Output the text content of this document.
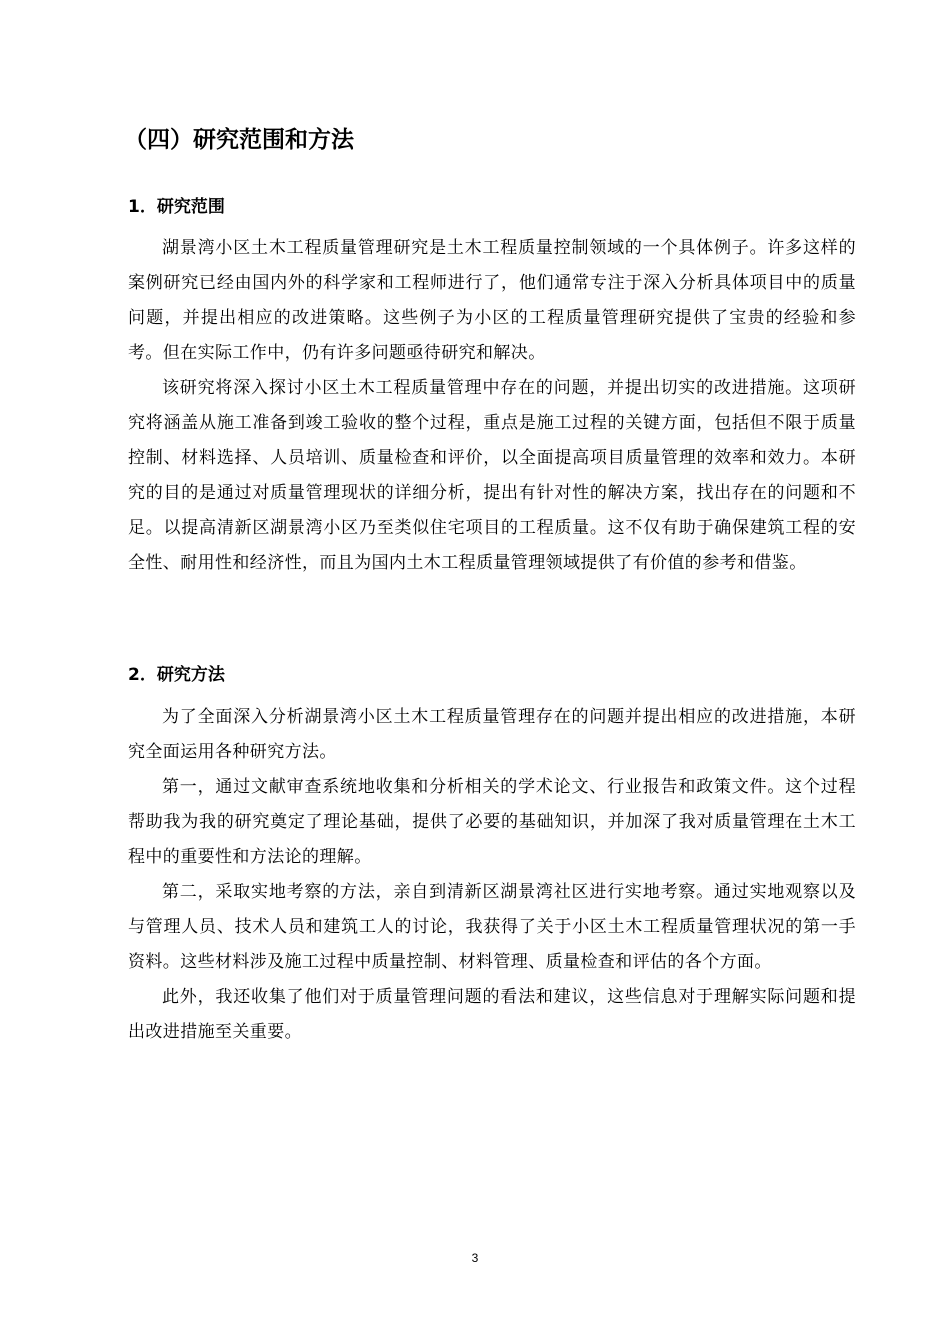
（四）研究范围和方法
1．研究范围

湖景湾小区土木工程质量管理研究是土木工程质量控制领域的一个具体例子。许多这样的案例研究已经由国内外的科学家和工程师进行了，他们通常专注于深入分析具体项目中的质量问题，并提出相应的改进策略。这些例子为小区的工程质量管理研究提供了宝贵的经验和参考。但在实际工作中，仍有许多问题亟待研究和解决。

该研究将深入探讨小区土木工程质量管理中存在的问题，并提出切实的改进措施。这项研究将涵盖从施工准备到竣工验收的整个过程，重点是施工过程的关键方面，包括但不限于质量控制、材料选择、人员培训、质量检查和评价，以全面提高项目质量管理的效率和效力。本研究的目的是通过对质量管理现状的详细分析，提出有针对性的解决方案，找出存在的问题和不足。以提高清新区湖景湾小区乃至类似住宅项目的工程质量。这不仅有助于确保建筑工程的安全性、耐用性和经济性，而且为国内土木工程质量管理领域提供了有价值的参考和借鉴。

2．研究方法

为了全面深入分析湖景湾小区土木工程质量管理存在的问题并提出相应的改进措施，本研究全面运用各种研究方法。

第一，通过文献审查系统地收集和分析相关的学术论文、行业报告和政策文件。这个过程帮助我为我的研究奠定了理论基础，提供了必要的基础知识，并加深了我对质量管理在土木工程中的重要性和方法论的理解。

第二，采取实地考察的方法，亲自到清新区湖景湾社区进行实地考察。通过实地观察以及与管理人员、技术人员和建筑工人的讨论，我获得了关于小区土木工程质量管理状况的第一手资料。这些材料涉及施工过程中质量控制、材料管理、质量检查和评估的各个方面。

此外，我还收集了他们对于质量管理问题的看法和建议，这些信息对于理解实际问题和提出改进措施至关重要。

3
